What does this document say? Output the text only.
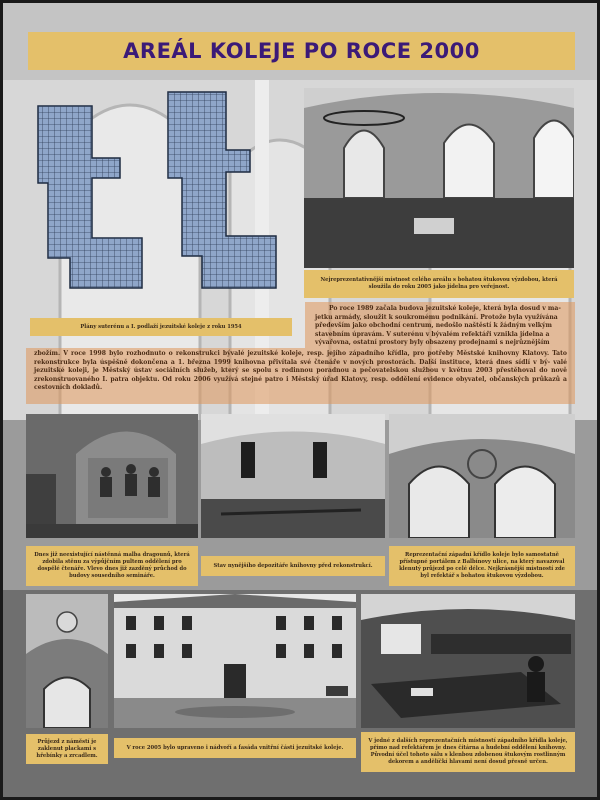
AREÁL KOLEJE PO ROCE 2000
Plány suterénu a I. podlaží jezuitské koleje z roku 1954
Nejreprezentativnější místnost celého areálu s bohatou štukovou výzdobou, která sloužila do roku 2005 jako jídelna pro veřejnost.
Po roce 1989 začala budova jezuitské koleje, která byla dosud v ma-
jetku armády, sloužit k soukromému podnikání. Protože byla využívána
především jako obchodní centrum, nedošlo naštěstí k žádným velkým
stavebním úpravám. V suterénu v bývalém refektáři vznikla jídelna a
vývařovna, ostatní prostory byly obsazeny prodejnami s nejrůznějším
zbožím. V roce 1998 bylo rozhodnuto o rekonstrukci bývalé jezuitské koleje, resp. jejího západního křídla, pro potřeby Městské knihovny Klatovy. Tato rekonstrukce byla úspěšně dokončena a 1. března 1999 knihovna přivítala své čtenáře v nových prostorách. Další instituce, která dnes sídlí v bý- valé jezuitské koleji, je Městský ústav sociálních služeb, který se spolu s rodinnou poradnou a pečovatelskou službou v květnu 2003 přestěhoval do nově zrekonstruovaného I. patra objektu. Od roku 2006 využívá stejné patro i Městský úřad Klatovy, resp. oddělení evidence obyvatel, občanských průkazů a cestovních dokladů.
Dnes již neexistující nástěnná malba dragounů, která zdobila stěnu za výpůjčním pultem oddělení pro dospělé čtenáře. Vlevo dnes již zazděný průchod do budovy sousedního semináře.
Stav nynějšího depozitáře knihovny před rekonstrukcí.
Reprezentační západní křídlo koleje bylo samostatně přístupné portálem z Balbínovy ulice, na který navazoval klenutý průjezd po celé délce. Nejkrásnější místností zde byl refektář s bohatou štukovou výzdobou.
Průjezd z náměstí je zaklenut plackami s hřebínky a zrcadlem.
V roce 2005 bylo upraveno i nádvoří a fasáda vnitřní části jezuitské koleje.
V jedné z dalších reprezentačních místností západního křídla koleje, přímo nad refektářem je dnes čítárna a hudební oddělení knihovny. Původní účel tohoto sálu s klenbou zdobenou štukovým rostlinným dekorem a andělíčkí hlavami není dosud přesně určen.
